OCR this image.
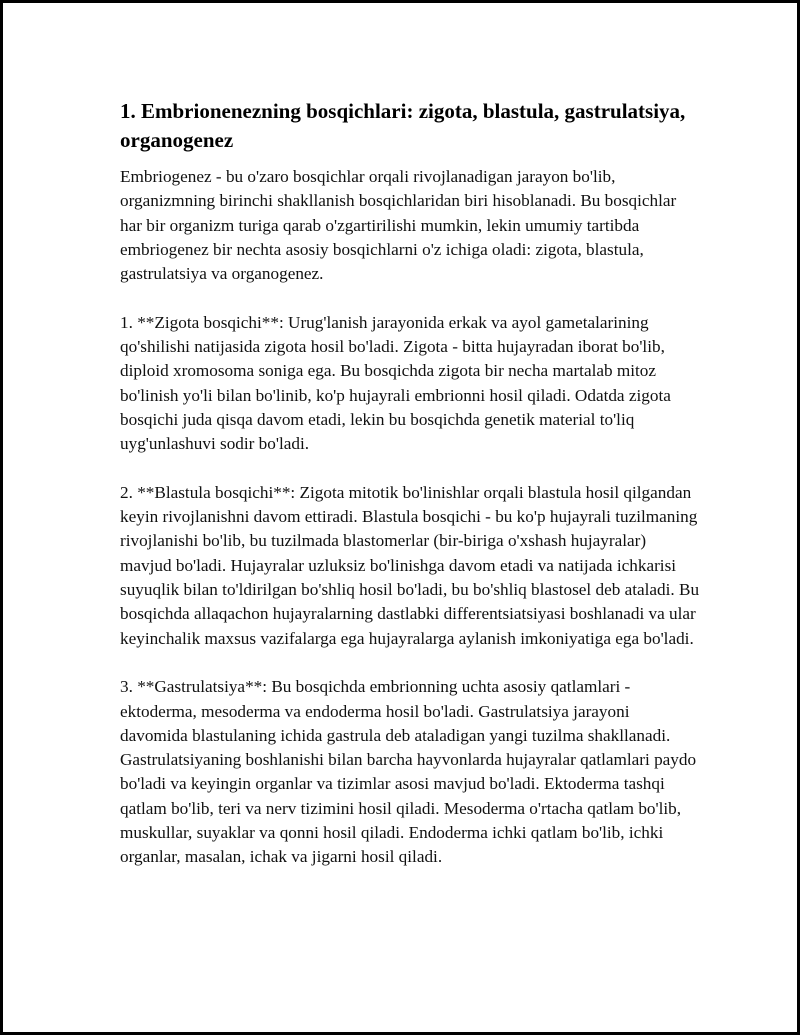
1. Embrionenezning bosqichlari: zigota, blastula, gastrulatsiya, organogenez

Embriogenez - bu o'zaro bosqichlar orqali rivojlanadigan jarayon bo'lib, organizmning birinchi shakllanish bosqichlaridan biri hisoblanadi. Bu bosqichlar har bir organizm turiga qarab o'zgartirilishi mumkin, lekin umumiy tartibda embriogenez bir nechta asosiy bosqichlarni o'z ichiga oladi: zigota, blastula, gastrulatsiya va organogenez.

1. **Zigota bosqichi**: Urug'lanish jarayonida erkak va ayol gametalarining qo'shilishi natijasida zigota hosil bo'ladi. Zigota - bitta hujayradan iborat bo'lib, diploid xromosoma soniga ega. Bu bosqichda zigota bir necha martalab mitoz bo'linish yo'li bilan bo'linib, ko'p hujayrali embrionni hosil qiladi. Odatda zigota bosqichi juda qisqa davom etadi, lekin bu bosqichda genetik material to'liq uyg'unlashuvi sodir bo'ladi.

2. **Blastula bosqichi**: Zigota mitotik bo'linishlar orqali blastula hosil qilgandan keyin rivojlanishni davom ettiradi. Blastula bosqichi - bu ko'p hujayrali tuzilmaning rivojlanishi bo'lib, bu tuzilmada blastomerlar (bir-biriga o'xshash hujayralar) mavjud bo'ladi. Hujayralar uzluksiz bo'linishga davom etadi va natijada ichkarisi suyuqlik bilan to'ldirilgan bo'shliq hosil bo'ladi, bu bo'shliq blastosel deb ataladi. Bu bosqichda allaqachon hujayralarning dastlabki differentsiatsiyasi boshlanadi va ular keyinchalik maxsus vazifalarga ega hujayralarga aylanish imkoniyatiga ega bo'ladi.

3. **Gastrulatsiya**: Bu bosqichda embrionning uchta asosiy qatlamlari - ektoderma, mesoderma va endoderma hosil bo'ladi. Gastrulatsiya jarayoni davomida blastulaning ichida gastrula deb ataladigan yangi tuzilma shakllanadi. Gastrulatsiyaning boshlanishi bilan barcha hayvonlarda hujayralar qatlamlari paydo bo'ladi va keyingin organlar va tizimlar asosi mavjud bo'ladi. Ektoderma tashqi qatlam bo'lib, teri va nerv tizimini hosil qiladi. Mesoderma o'rtacha qatlam bo'lib, muskullar, suyaklar va qonni hosil qiladi. Endoderma ichki qatlam bo'lib, ichki organlar, masalan, ichak va jigarni hosil qiladi.
